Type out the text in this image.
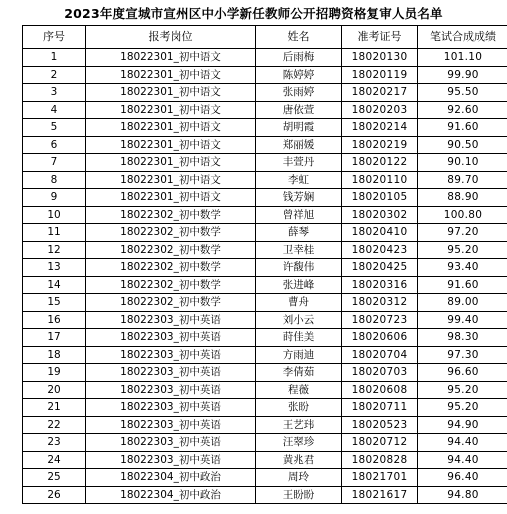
2023年度宣城市宣州区中小学新任教师公开招聘资格复审人员名单
序号	报考岗位	姓名	准考证号	笔试合成成绩
1	18022301_初中语文	后雨梅	18020130	101.10
2	18022301_初中语文	陈婷婷	18020119	99.90
3	18022301_初中语文	张雨婷	18020217	95.50
4	18022301_初中语文	唐依萱	18020203	92.60
5	18022301_初中语文	胡明霞	18020214	91.60
6	18022301_初中语文	郑丽媛	18020219	90.50
7	18022301_初中语文	丰萱丹	18020122	90.10
8	18022301_初中语文	李虹	18020110	89.70
9	18022301_初中语文	钱芳娴	18020105	88.90
10	18022302_初中数学	曾祥旭	18020302	100.80
11	18022302_初中数学	薛琴	18020410	97.20
12	18022302_初中数学	卫幸桂	18020423	95.20
13	18022302_初中数学	许馥伟	18020425	93.40
14	18022302_初中数学	张进峰	18020316	91.60
15	18022302_初中数学	曹舟	18020312	89.00
16	18022303_初中英语	刘小云	18020723	99.40
17	18022303_初中英语	莳佳美	18020606	98.30
18	18022303_初中英语	方雨迪	18020704	97.30
19	18022303_初中英语	李倩茹	18020703	96.60
20	18022303_初中英语	程薇	18020608	95.20
21	18022303_初中英语	张盼	18020711	95.20
22	18022303_初中英语	王艺玮	18020523	94.90
23	18022303_初中英语	汪翠珍	18020712	94.40
24	18022303_初中英语	黄兆君	18020828	94.40
25	18022304_初中政治	周玲	18021701	96.40
26	18022304_初中政治	王盼盼	18021617	94.80
